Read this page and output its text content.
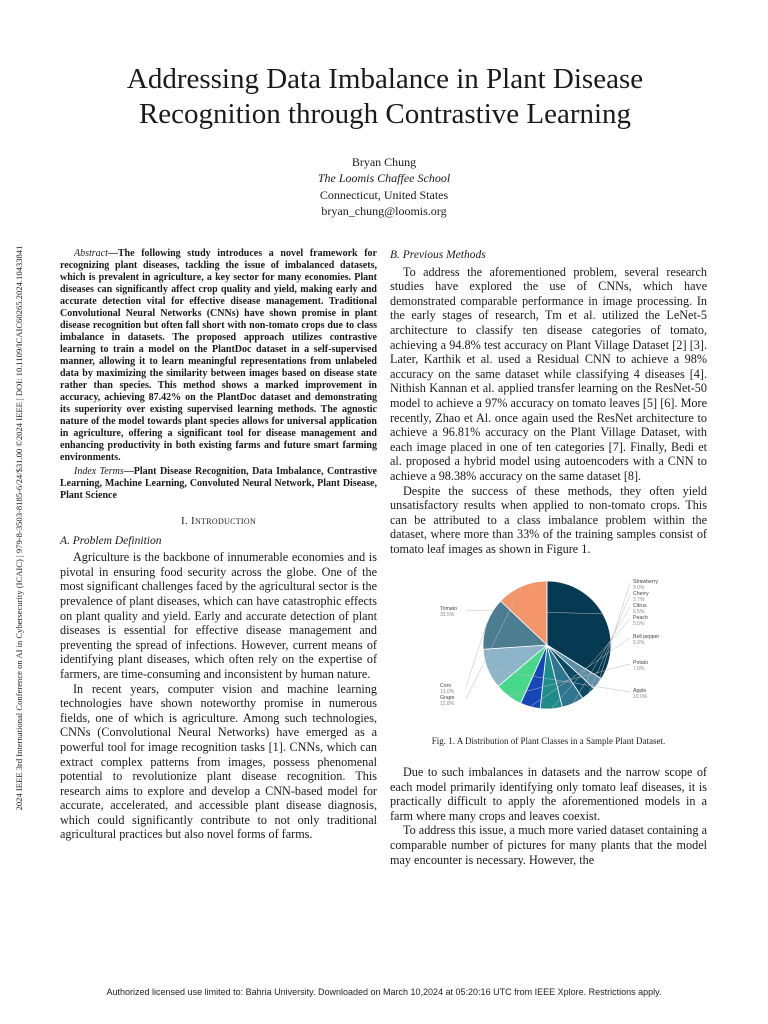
2024 IEEE 3rd International Conference on AI in Cybersecurity (ICAIC) | 979-8-3503-8185-6/24/$31.00 ©2024 IEEE | DOI: 10.1109/ICAIC60265.2024.10433841
Addressing Data Imbalance in Plant Disease Recognition through Contrastive Learning
Bryan Chung
The Loomis Chaffee School
Connecticut, United States
bryan_chung@loomis.org

Abstract—The following study introduces a novel framework for recognizing plant diseases, tackling the issue of imbalanced datasets, which is prevalent in agriculture, a key sector for many economies. Plant diseases can significantly affect crop quality and yield, making early and accurate detection vital for effective disease management. Traditional Convolutional Neural Networks (CNNs) have shown promise in plant disease recognition but often fall short with non-tomato crops due to class imbalance in datasets. The proposed approach utilizes contrastive learning to train a model on the PlantDoc dataset in a self-supervised manner, allowing it to learn meaningful representations from unlabeled data by maximizing the similarity between images based on disease state rather than species. This method shows a marked improvement in accuracy, achieving 87.42% on the PlantDoc dataset and demonstrating its superiority over existing supervised learning methods. The agnostic nature of the model towards plant species allows for universal application in agriculture, offering a significant tool for disease management and enhancing productivity in both existing farms and future smart farming environments.

Index Terms—Plant Disease Recognition, Data Imbalance, Contrastive Learning, Machine Learning, Convoluted Neural Network, Plant Disease, Plant Science

I. Introduction
A. Problem Definition

Agriculture is the backbone of innumerable economies and is pivotal in ensuring food security across the globe. One of the most significant challenges faced by the agricultural sector is the prevalence of plant diseases, which can have catastrophic effects on plant quality and yield. Early and accurate detection of plant diseases is essential for effective disease management and preventing the spread of infections. However, current means of identifying plant diseases, which often rely on the expertise of farmers, are time-consuming and inconsistent by human nature.

In recent years, computer vision and machine learning technologies have shown noteworthy promise in numerous fields, one of which is agriculture. Among such technologies, CNNs (Convolutional Neural Networks) have emerged as a powerful tool for image recognition tasks [1]. CNNs, which can extract complex patterns from images, possess phenomenal potential to revolutionize plant disease recognition. This research aims to explore and develop a CNN-based model for accurate, accelerated, and accessible plant disease diagnosis, which could significantly contribute to not only traditional agricultural practices but also novel forms of farms.

B. Previous Methods

To address the aforementioned problem, several research studies have explored the use of CNNs, which have demonstrated comparable performance in image processing. In the early stages of research, Tm et al. utilized the LeNet-5 architecture to classify ten disease categories of tomato, achieving a 94.8% test accuracy on Plant Village Dataset [2] [3]. Later, Karthik et al. used a Residual CNN to achieve a 98% accuracy on the same dataset while classifying 4 diseases [4]. Nithish Kannan et al. applied transfer learning on the ResNet-50 model to achieve a 97% accuracy on tomato leaves [5] [6]. More recently, Zhao et Al. once again used the ResNet architecture to achieve a 96.81% accuracy on the Plant Village Dataset, with each image placed in one of ten categories [7]. Finally, Bedi et al. proposed a hybrid model using autoencoders with a CNN to achieve a 98.38% accuracy on the same dataset [8].

Despite the success of these methods, they often yield unsatisfactory results when applied to non-tomato crops. This can be attributed to a class imbalance problem within the dataset, where more than 33% of the training samples consist of tomato leaf images as shown in Figure 1.

Tomato
33.5%
Strawberry
3.0%
Cherry
3.7%
Citrus
5.5%
Peach
5.5%
Bell pepper
5.0%
Potato
7.0%
Apple
10.0%
Corn
13.0%
Grape
12.8%

Fig. 1. A Distribution of Plant Classes in a Sample Plant Dataset.

Due to such imbalances in datasets and the narrow scope of each model primarily identifying only tomato leaf diseases, it is practically difficult to apply the aforementioned models in a farm where many crops and leaves coexist.

To address this issue, a much more varied dataset containing a comparable number of pictures for many plants that the model may encounter is necessary. However, the

Authorized licensed use limited to: Bahria University. Downloaded on March 10,2024 at 05:20:16 UTC from IEEE Xplore. Restrictions apply.
